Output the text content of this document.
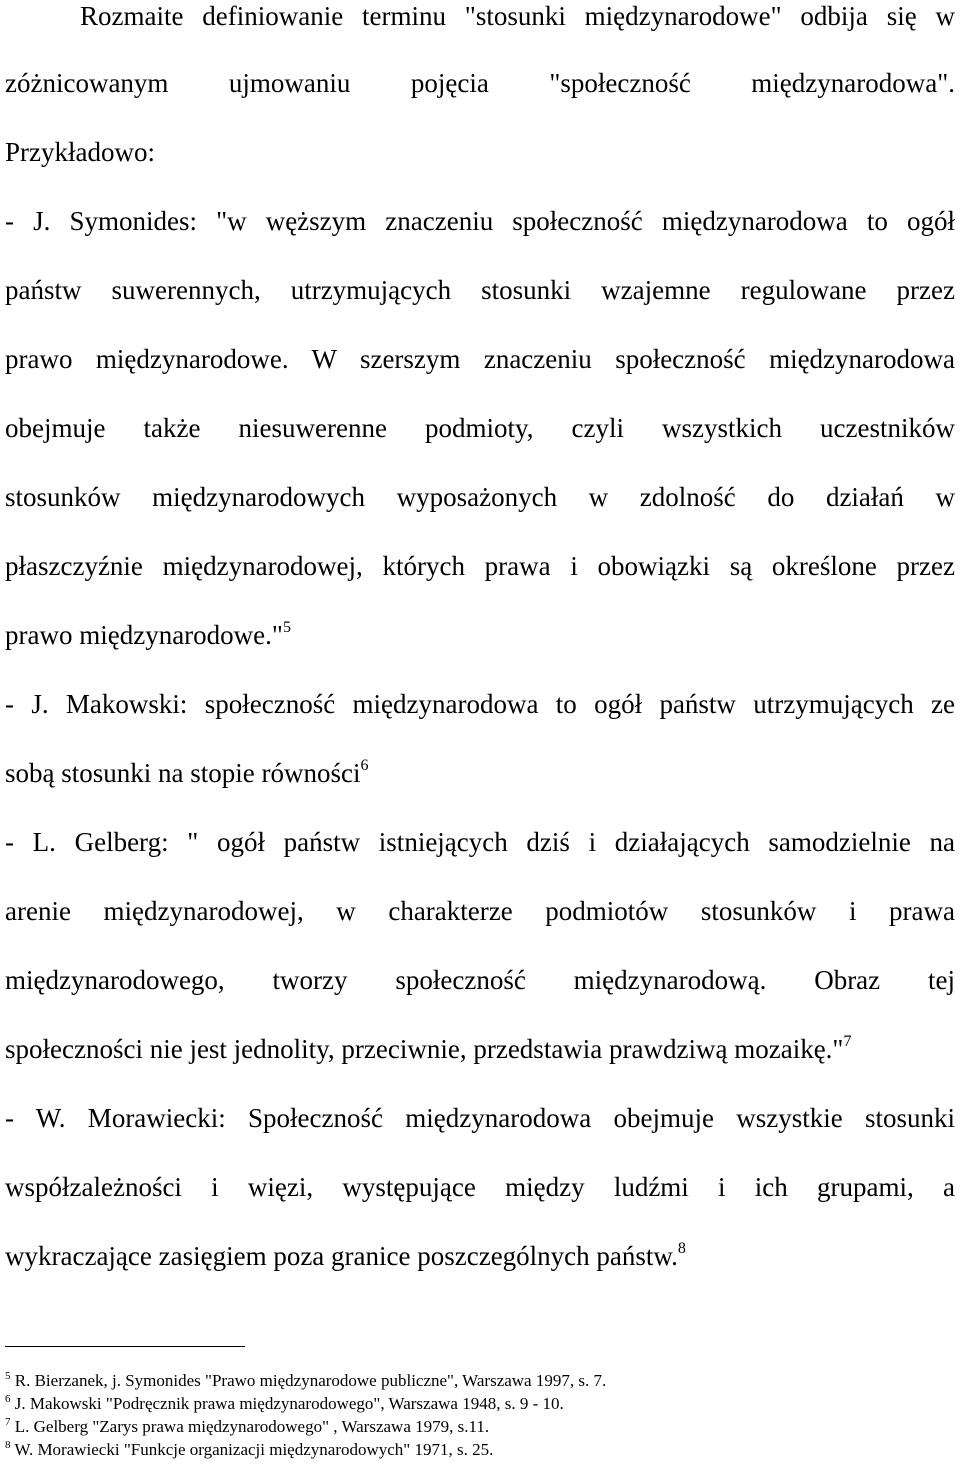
Rozmaite definiowanie terminu "stosunki międzynarodowe" odbija się w
zóżnicowanym ujmowaniu pojęcia "społeczność międzynarodowa".
Przykładowo:
- J. Symonides: "w węższym znaczeniu społeczność międzynarodowa to ogół
państw suwerennych, utrzymujących stosunki wzajemne regulowane przez
prawo międzynarodowe. W szerszym znaczeniu społeczność międzynarodowa
obejmuje także niesuwerenne podmioty, czyli wszystkich uczestników
stosunków międzynarodowych wyposażonych w zdolność do działań w
płaszczyźnie międzynarodowej, których prawa i obowiązki są określone przez
prawo międzynarodowe."$^5$
- J. Makowski: społeczność międzynarodowa to ogół państw utrzymujących ze
sobą stosunki na stopie równości$^6$
- L. Gelberg: " ogół państw istniejących dziś i działających samodzielnie na
arenie międzynarodowej, w charakterze podmiotów stosunków i prawa
międzynarodowego, tworzy społeczność międzynarodową. Obraz tej
społeczności nie jest jednolity, przeciwnie, przedstawia prawdziwą mozaikę."$^7$
- W. Morawiecki: Społeczność międzynarodowa obejmuje wszystkie stosunki
współzależności i więzi, występujące między ludźmi i ich grupami, a
wykraczające zasięgiem poza granice poszczególnych państw.$^8$
$^5$ R. Bierzanek, j. Symonides "Prawo międzynarodowe publiczne", Warszawa 1997, s. 7.
$^6$ J. Makowski "Podręcznik prawa międzynarodowego", Warszawa 1948, s. 9 - 10.
$^7$ L. Gelberg "Zarys prawa międzynarodowego" , Warszawa 1979, s.11.
$^8$ W. Morawiecki "Funkcje organizacji międzynarodowych" 1971, s. 25.
